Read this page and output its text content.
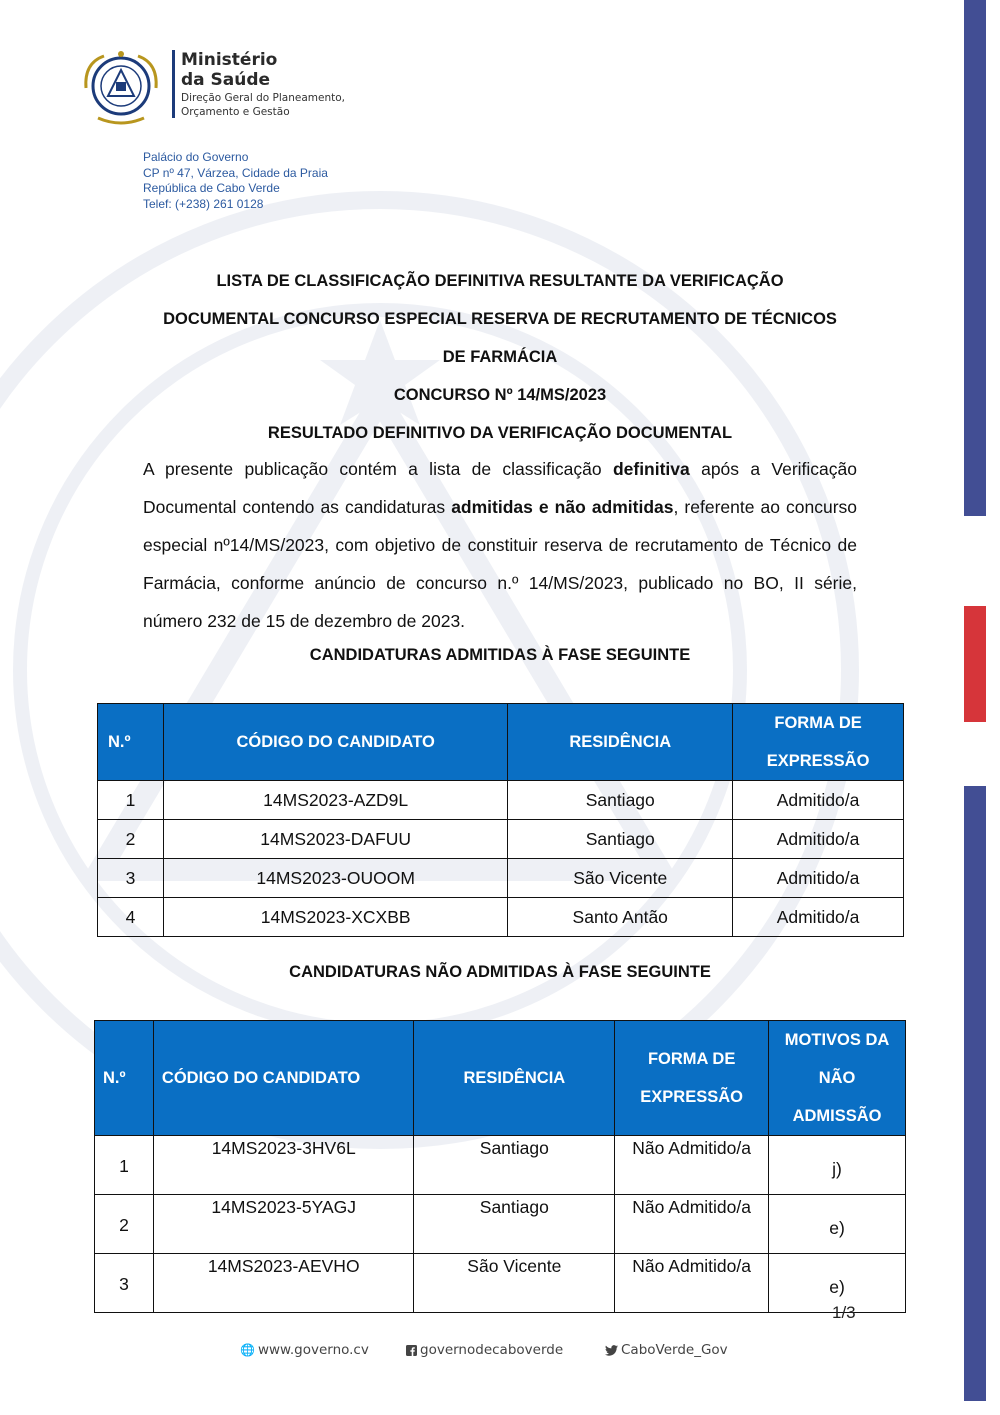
Ministério
da Saúde
Direção Geral do Planeamento,
Orçamento e Gestão
Palácio do Governo
CP nº 47, Várzea, Cidade da Praia
República de Cabo Verde
Telef: (+238) 261 0128
LISTA DE CLASSIFICAÇÃO DEFINITIVA RESULTANTE DA VERIFICAÇÃO
DOCUMENTAL CONCURSO ESPECIAL RESERVA DE RECRUTAMENTO DE TÉCNICOS
DE FARMÁCIA
CONCURSO Nº 14/MS/2023
RESULTADO DEFINITIVO DA VERIFICAÇÃO DOCUMENTAL
A presente publicação contém a lista de classificação definitiva após a Verificação Documental contendo as candidaturas admitidas e não admitidas, referente ao concurso especial nº14/MS/2023, com objetivo de constituir reserva de recrutamento de Técnico de Farmácia, conforme anúncio de concurso n.º 14/MS/2023, publicado no BO, II série, número 232 de 15 de dezembro de 2023.
CANDIDATURAS ADMITIDAS À FASE SEGUINTE
N.º	CÓDIGO DO CANDIDATO	RESIDÊNCIA	FORMA DE EXPRESSÃO
1	14MS2023-AZD9L	Santiago	Admitido/a
2	14MS2023-DAFUU	Santiago	Admitido/a
3	14MS2023-OUOOM	São Vicente	Admitido/a
4	14MS2023-XCXBB	Santo Antão	Admitido/a
CANDIDATURAS NÃO ADMITIDAS À FASE SEGUINTE
N.º	CÓDIGO DO CANDIDATO	RESIDÊNCIA	FORMA DE EXPRESSÃO	MOTIVOS DA NÃO ADMISSÃO
1	14MS2023-3HV6L	Santiago	Não Admitido/a	j)
2	14MS2023-5YAGJ	Santiago	Não Admitido/a	e)
3	14MS2023-AEVHO	São Vicente	Não Admitido/a	e)
1/3
🌐 www.governo.cv	governodecaboverde	CaboVerde_Gov
